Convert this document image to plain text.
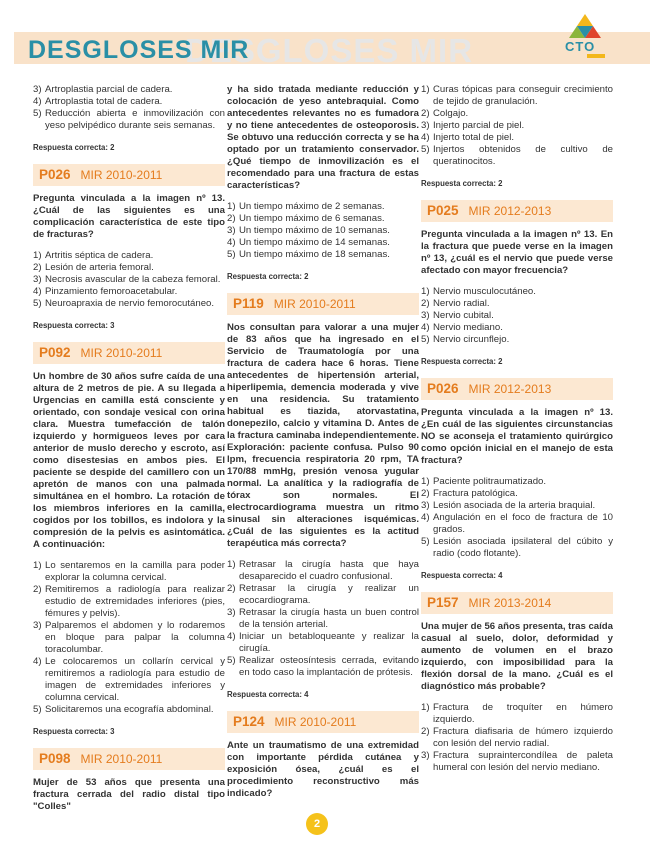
DESGLOSES MIR
DESGLOSES MIR	CTO
3) Artroplastia parcial de cadera.
4) Artroplastia total de cadera.
5) Reducción abierta e inmovilización con yeso pelvipédico durante seis semanas.
Respuesta correcta: 2
P026 MIR 2010-2011
Pregunta vinculada a la imagen nº 13. ¿Cuál de las siguientes es una complicación característica de este tipo de fracturas?
1) Artritis séptica de cadera.
2) Lesión de arteria femoral.
3) Necrosis avascular de la cabeza femoral.
4) Pinzamiento femoroacetabular.
5) Neuroapraxia de nervio femorocutáneo.
Respuesta correcta: 3
P092 MIR 2010-2011
Un hombre de 30 años sufre caída de una altura de 2 metros de pie. A su llegada a Urgencias en camilla está consciente y orientado, con sondaje vesical con orina clara. Muestra tumefacción de talón izquierdo y hormigueos leves por cara anterior de muslo derecho y escroto, así como disestesias en ambos pies. El paciente se despide del camillero con un apretón de manos con una palmada simultánea en el hombro. La rotación de los miembros inferiores en la camilla, cogidos por los tobillos, es indolora y la compresión de la pelvis es asintomática. A continuación:
1) Lo sentaremos en la camilla para poder explorar la columna cervical.
2) Remitiremos a radiología para realizar estudio de extremidades inferiores (pies, fémures y pelvis).
3) Palparemos el abdomen y lo rodaremos en bloque para palpar la columna toracolumbar.
4) Le colocaremos un collarín cervical y remitiremos a radiología para estudio de imagen de extremidades inferiores y columna cervical.
5) Solicitaremos una ecografía abdominal.
Respuesta correcta: 3
P098 MIR 2010-2011
Mujer de 53 años que presenta una fractura cerrada del radio distal tipo "Colles"
y ha sido tratada mediante reducción y colocación de yeso antebraquial. Como antecedentes relevantes no es fumadora y no tiene antecedentes de osteoporosis. Se obtuvo una reducción correcta y se ha optado por un tratamiento conservador. ¿Qué tiempo de inmovilización es el recomendado para una fractura de estas características?
1) Un tiempo máximo de 2 semanas.
2) Un tiempo máximo de 6 semanas.
3) Un tiempo máximo de 10 semanas.
4) Un tiempo máximo de 14 semanas.
5) Un tiempo máximo de 18 semanas.
Respuesta correcta: 2
P119 MIR 2010-2011
Nos consultan para valorar a una mujer de 83 años que ha ingresado en el Servicio de Traumatología por una fractura de cadera hace 6 horas. Tiene antecedentes de hipertensión arterial, hiperlipemia, demencia moderada y vive en una residencia. Su tratamiento habitual es tiazida, atorvastatina, donepezilo, calcio y vitamina D. Antes de la fractura caminaba independientemente. Exploración: paciente confusa. Pulso 90 lpm, frecuencia respiratoria 20 rpm, TA 170/88 mmHg, presión venosa yugular normal. La analítica y la radiografía de tórax son normales. El electrocardiograma muestra un ritmo sinusal sin alteraciones isquémicas. ¿Cuál de las siguientes es la actitud terapéutica más correcta?
1) Retrasar la cirugía hasta que haya desaparecido el cuadro confusional.
2) Retrasar la cirugía y realizar un ecocardiograma.
3) Retrasar la cirugía hasta un buen control de la tensión arterial.
4) Iniciar un betabloqueante y realizar la cirugía.
5) Realizar osteosíntesis cerrada, evitando en todo caso la implantación de prótesis.
Respuesta correcta: 4
P124 MIR 2010-2011
Ante un traumatismo de una extremidad con importante pérdida cutánea y exposición ósea, ¿cuál es el procedimiento reconstructivo más indicado?
1) Curas tópicas para conseguir crecimiento de tejido de granulación.
2) Colgajo.
3) Injerto parcial de piel.
4) Injerto total de piel.
5) Injertos obtenidos de cultivo de queratinocitos.
Respuesta correcta: 2
P025 MIR 2012-2013
Pregunta vinculada a la imagen nº 13. En la fractura que puede verse en la imagen nº 13, ¿cuál es el nervio que puede verse afectado con mayor frecuencia?
1) Nervio musculocutáneo.
2) Nervio radial.
3) Nervio cubital.
4) Nervio mediano.
5) Nervio circunflejo.
Respuesta correcta: 2
P026 MIR 2012-2013
Pregunta vinculada a la imagen nº 13. ¿En cuál de las siguientes circunstancias NO se aconseja el tratamiento quirúrgico como opción inicial en el manejo de esta fractura?
1) Paciente politraumatizado.
2) Fractura patológica.
3) Lesión asociada de la arteria braquial.
4) Angulación en el foco de fractura de 10 grados.
5) Lesión asociada ipsilateral del cúbito y radio (codo flotante).
Respuesta correcta: 4
P157 MIR 2013-2014
Una mujer de 56 años presenta, tras caída casual al suelo, dolor, deformidad y aumento de volumen en el brazo izquierdo, con imposibilidad para la flexión dorsal de la mano. ¿Cuál es el diagnóstico más probable?
1) Fractura de troquíter en húmero izquierdo.
2) Fractura diafisaria de húmero izquierdo con lesión del nervio radial.
3) Fractura supraintercondílea de paleta humeral con lesión del nervio mediano.
2
